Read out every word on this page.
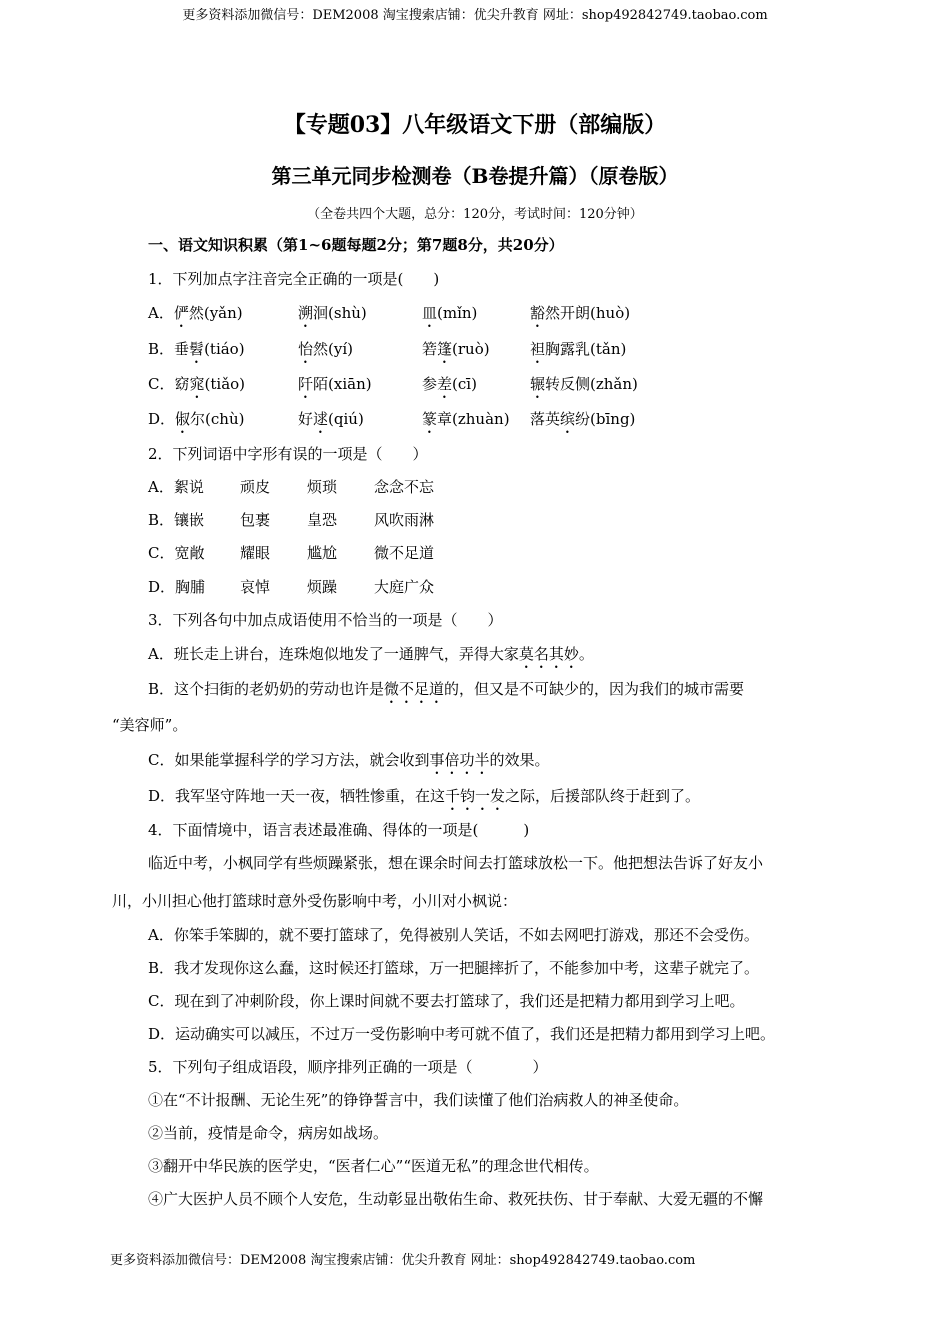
更多资料添加微信号：DEM2008 淘宝搜索店铺：优尖升教育 网址：shop492842749.taobao.com
【专题03】八年级语文下册（部编版）
第三单元同步检测卷（B卷提升篇）（原卷版）
（全卷共四个大题，总分：120分，考试时间：120分钟）
一、语文知识积累（第1~6题每题2分；第7题8分，共20分）
1．下列加点字注音完全正确的一项是(　　)
A．俨然(yǎn)	溯洄(shù)	皿(mǐn)	豁然开朗(huò)
B．垂髫(tiáo)	怡然(yí)	箬篷(ruò)	袒胸露乳(tǎn)
C．窈窕(tiǎo)	阡陌(xiān)	参差(cī)	辗转反侧(zhǎn)
D．俶尔(chù)	好逑(qiú)	篆章(zhuàn) 落英缤纷(bīng)
2．下列词语中字形有误的一项是（　　）
A．絮说 顽皮 烦琐 念念不忘
B．镶嵌 包裹 皇恐 风吹雨淋
C．宽敞 耀眼 尴尬 微不足道
D．胸脯 哀悼 烦躁 大庭广众
3．下列各句中加点成语使用不恰当的一项是（　　）
A．班长走上讲台，连珠炮似地发了一通脾气，弄得大家莫名其妙。
B．这个扫街的老奶奶的劳动也许是微不足道的，但又是不可缺少的，因为我们的城市需要
“美容师”。
C．如果能掌握科学的学习方法，就会收到事倍功半的效果。
D．我军坚守阵地一天一夜，牺牲惨重，在这千钧一发之际，后援部队终于赶到了。
4．下面情境中，语言表述最准确、得体的一项是(　　　)
临近中考，小枫同学有些烦躁紧张，想在课余时间去打篮球放松一下。他把想法告诉了好友小
川，小川担心他打篮球时意外受伤影响中考，小川对小枫说：
A．你笨手笨脚的，就不要打篮球了，免得被别人笑话，不如去网吧打游戏，那还不会受伤。
B．我才发现你这么蠢，这时候还打篮球，万一把腿摔折了，不能参加中考，这辈子就完了。
C．现在到了冲刺阶段，你上课时间就不要去打篮球了，我们还是把精力都用到学习上吧。
D．运动确实可以减压，不过万一受伤影响中考可就不值了，我们还是把精力都用到学习上吧。
5．下列句子组成语段，顺序排列正确的一项是（　　　　）
①在“不计报酬、无论生死”的铮铮誓言中，我们读懂了他们治病救人的神圣使命。
②当前，疫情是命令，病房如战场。
③翻开中华民族的医学史，“医者仁心”“医道无私”的理念世代相传。
④广大医护人员不顾个人安危，生动彰显出敬佑生命、救死扶伤、甘于奉献、大爱无疆的不懈
更多资料添加微信号：DEM2008 淘宝搜索店铺：优尖升教育 网址：shop492842749.taobao.com
